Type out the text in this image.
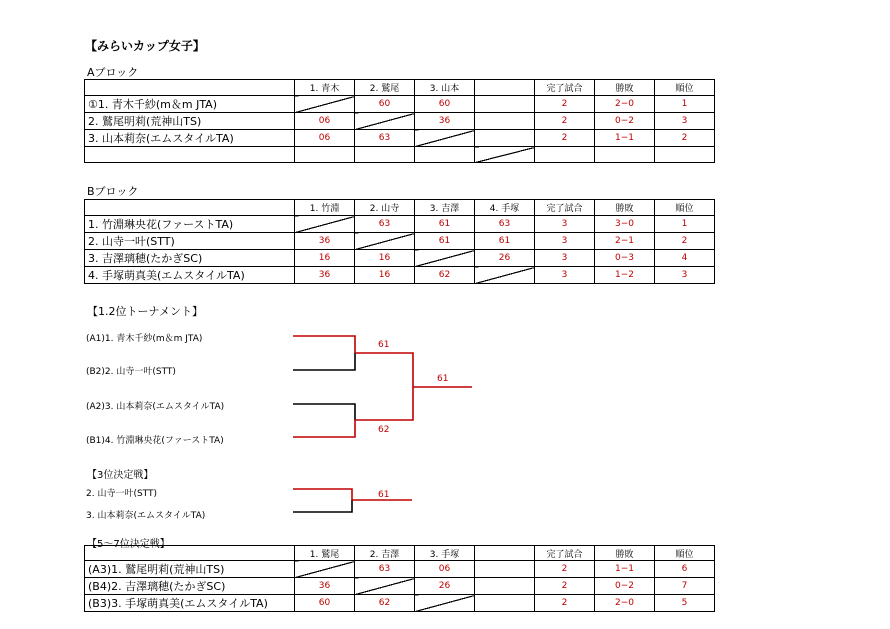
【みらいカップ女子】
Aブロック
	1. 青木	2. 鷲尾	3. 山本		完了試合	勝敗	順位
①1. 青木千紗(m＆m JTA)		60	60		2	2−0	1
2. 鷲尾明莉(荒神山TS)	06		36		2	0−2	3
3. 山本莉奈(エムスタイルTA)	06	63			2	1−1	2

Bブロック
	1. 竹淵	2. 山寺	3. 吉澤	4. 手塚	完了試合	勝敗	順位
1. 竹淵琳央花(ファーストTA)		63	61	63	3	3−0	1
2. 山寺一叶(STT)	36		61	61	3	2−1	2
3. 吉澤璃穂(たかぎSC)	16	16		26	3	0−3	4
4. 手塚萌真美(エムスタイルTA)	36	16	62		3	1−2	3
【1.2位トーナメント】
(A1)1. 青木千紗(m＆m JTA)
(B2)2. 山寺一叶(STT)
(A2)3. 山本莉奈(エムスタイルTA)
(B1)4. 竹淵琳央花(ファーストTA)
61
62
61
【3位決定戦】
2. 山寺一叶(STT)
3. 山本莉奈(エムスタイルTA)
61
【5～7位決定戦】
	1. 鷲尾	2. 吉澤	3. 手塚		完了試合	勝敗	順位
(A3)1. 鷲尾明莉(荒神山TS)		63	06		2	1−1	6
(B4)2. 吉澤璃穂(たかぎSC)	36		26		2	0−2	7
(B3)3. 手塚萌真美(エムスタイルTA)	60	62			2	2−0	5
